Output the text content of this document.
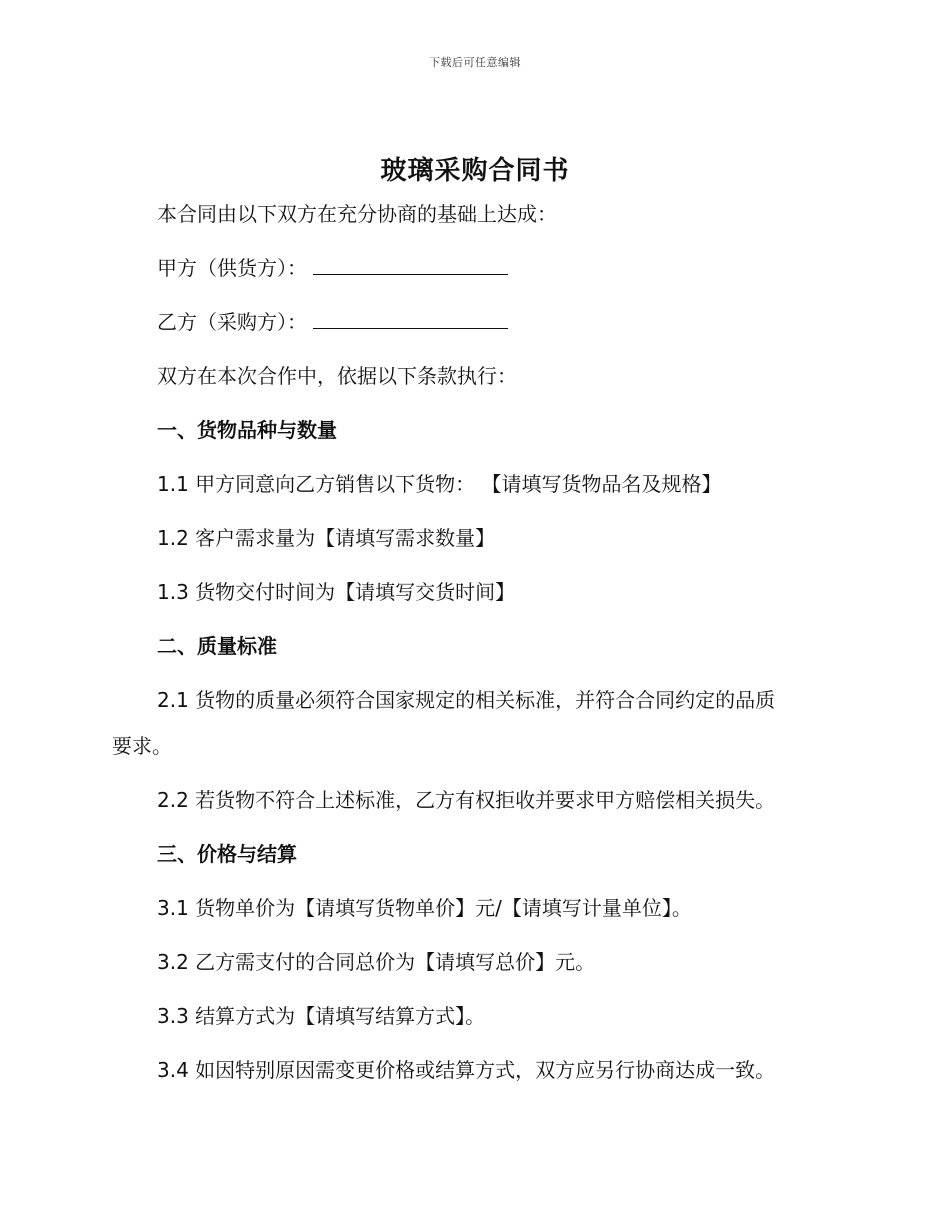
下载后可任意编辑
玻璃采购合同书
本合同由以下双方在充分协商的基础上达成：
甲方（供货方）：
乙方（采购方）：
双方在本次合作中，依据以下条款执行：
一、货物品种与数量
1.1 甲方同意向乙方销售以下货物： 【请填写货物品名及规格】
1.2 客户需求量为【请填写需求数量】
1.3 货物交付时间为【请填写交货时间】
二、质量标准
2.1 货物的质量必须符合国家规定的相关标准，并符合合同约定的品质
要求。
2.2 若货物不符合上述标准，乙方有权拒收并要求甲方赔偿相关损失。
三、价格与结算
3.1 货物单价为【请填写货物单价】元/【请填写计量单位】。
3.2 乙方需支付的合同总价为【请填写总价】元。
3.3 结算方式为【请填写结算方式】。
3.4 如因特别原因需变更价格或结算方式，双方应另行协商达成一致。
